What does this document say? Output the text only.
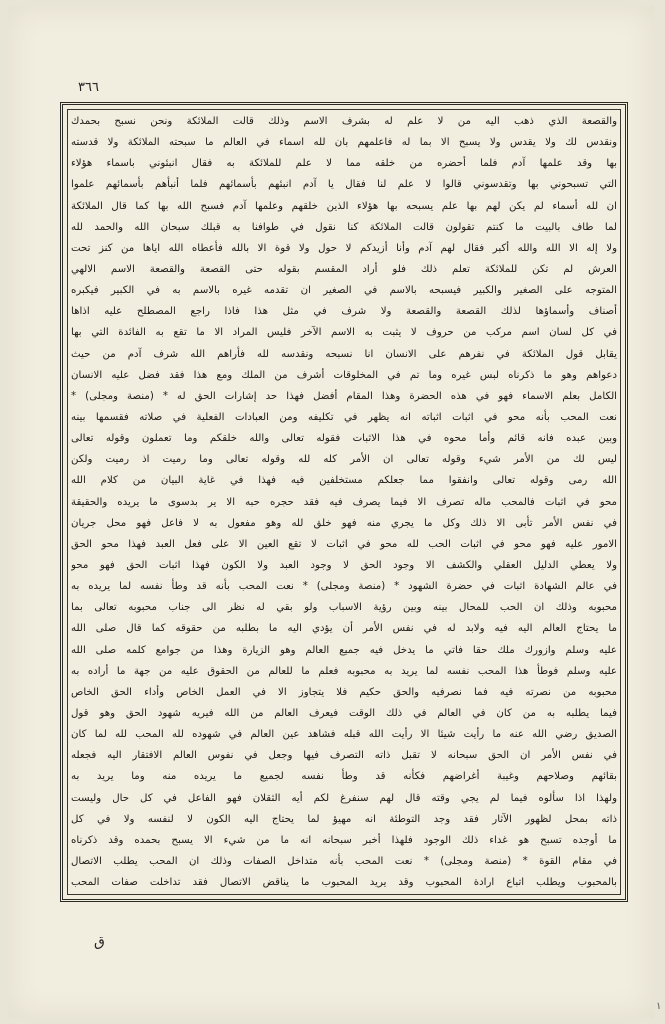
٣٦٦
والقصعة الذي ذهب اليه من لا علم له بشرف الاسم وذلك قالت الملائكة ونحن نسبح بحمدك
ونقدس لك ولا يقدس ولا يسبح الا بما له فاعلمهم بان لله اسماء في العالم ما سبحته الملائكة ولا قدسته
بها وقد علمها آدم فلما أحضره من خلقه مما لا علم للملائكة به فقال انبئوني باسماء هؤلاء
التي تسبحوني بها وتقدسوني قالوا لا علم لنا فقال يا آدم انبئهم بأسمائهم فلما أنبأهم بأسمائهم علموا
ان لله أسماء لم يكن لهم بها علم يسبحه بها هؤلاء الذين خلقهم وعلمها آدم فسبح الله بها كما قال الملائكة
لما طاف بالبيت ما كنتم تقولون قالت الملائكة كنا نقول في طوافنا به قبلك سبحان الله والحمد لله
ولا إله الا الله والله أكبر فقال لهم آدم وأنا أزيدكم لا حول ولا قوة الا بالله فأعطاه الله اياها من كنز تحت
العرش لم تكن للملائكة تعلم ذلك فلو أراد المقسم بقوله حتى القصعة والقصعة الاسم الالهي
المتوجه على الصغير والكبير فيسبحه بالاسم في الصغير ان تقدمه غيره بالاسم به في الكبير فيكبره
أصناف وأسماؤها لذلك القصعة والقصعة ولا شرف في مثل هذا فاذا راجع المصطلح عليه اذاها
في كل لسان اسم مركب من حروف لا يثبت به الاسم الآخر فليس المراد الا ما تقع به الفائدة التي بها
يقابل قول الملائكة في نفرهم على الانسان انا نسبحه ونقدسه لله فأراهم الله شرف آدم من حيث
دعواهم وهو ما ذكرناه لبس غيره وما تم في المخلوقات أشرف من الملك ومع هذا فقد فضل عليه الانسان
الكامل بعلم الاسماء فهو في هذه الحضرة وهذا المقام أفضل فهذا حد إشارات الحق له * (منصة ومجلى) *
نعت المحب بأنه محو في اثبات اثباته انه يظهر في تكليفه ومن العبادات الفعلية في صلاته فقسمها بينه
وبين عبده فانه قائم وأما محوه في هذا الاثبات فقوله تعالى والله خلقكم وما تعملون وقوله تعالى
ليس لك من الأمر شيء وقوله تعالى ان الأمر كله لله وقوله تعالى وما رميت اذ رميت ولكن
الله رمى وقوله تعالى وانفقوا مما جعلكم مستخلفين فيه فهذا في غاية البيان من كلام الله
محو في اثبات فالمحب ماله تصرف الا فيما يصرف فيه فقد حجره حبه الا ير بدسوى ما يريده والحقيقة
في نفس الأمر تأبى الا ذلك وكل ما يجري منه فهو خلق لله وهو مفعول به لا فاعل فهو محل جريان
الامور عليه فهو محو في اثبات الحب لله محو في اثبات لا تقع العين الا على فعل العبد فهذا محو الحق
ولا يعطي الدليل العقلي والكشف الا وجود الحق لا وجود العبد ولا الكون فهذا اثبات الحق فهو محو
في عالم الشهادة اثبات في حضرة الشهود * (منصة ومجلى) * نعت المحب بأنه قد وطأ نفسه لما يريده به
محبوبه وذلك ان الحب للمحال بينه وبين رؤية الاسباب ولو بقي له نظر الى جناب محبوبه تعالى بما
ما يحتاج العالم اليه فيه ولابد له في نفس الأمر أن يؤدي اليه ما بطلبه من حقوقه كما قال صلى الله
عليه وسلم وازورك ملك حقا فاتي ما يدخل فيه جميع العالم وهو الزيارة وهذا من جوامع كلمه صلى الله
عليه وسلم فوطأ هذا المحب نفسه لما يريد به محبوبه فعلم ما للعالم من الحقوق عليه من جهة ما أراده به
محبوبه من نصرته فيه فما نصرفيه والحق حكيم فلا يتجاوز الا في العمل الخاص وأداء الحق الخاص
فيما يطلبه به من كان في العالم في ذلك الوقت فيعرف العالم من الله فيريه شهود الحق وهو قول
الصديق رضي الله عنه ما رأيت شيئا الا رأيت الله قبله فشاهد عين العالم في شهوده لله المحب لله لما كان
في نفس الأمر ان الحق سبحانه لا تقبل ذاته التصرف فيها وجعل في نفوس العالم الافتقار اليه فجعله
بقائهم وصلاحهم وغيبة أغراضهم فكأنه قد وطأ نفسه لجميع ما يريده منه وما يريد به
ولهذا اذا سألوه فيما لم يجي وقته قال لهم سنفرغ لكم أيه الثقلان فهو الفاعل في كل حال وليست
ذاته بمحل لظهور الآثار فقد وجد التوطئة انه مهيؤ لما يحتاج اليه الكون لا لنفسه ولا في كل
ما أوجده تسبح هو غداء ذلك الوجود فلهذا أخبر سبحانه انه ما من شيء الا يسبح بحمده وقد ذكرناه
في مقام القوة * (منصة ومجلى) * نعت المحب بأنه متداخل الصفات وذلك ان المحب يطلب الاتصال
بالمحبوب ويطلب اتباع ارادة المحبوب وقد يريد المحبوب ما يناقض الاتصال فقد تداخلت صفات المحب
ق
١
